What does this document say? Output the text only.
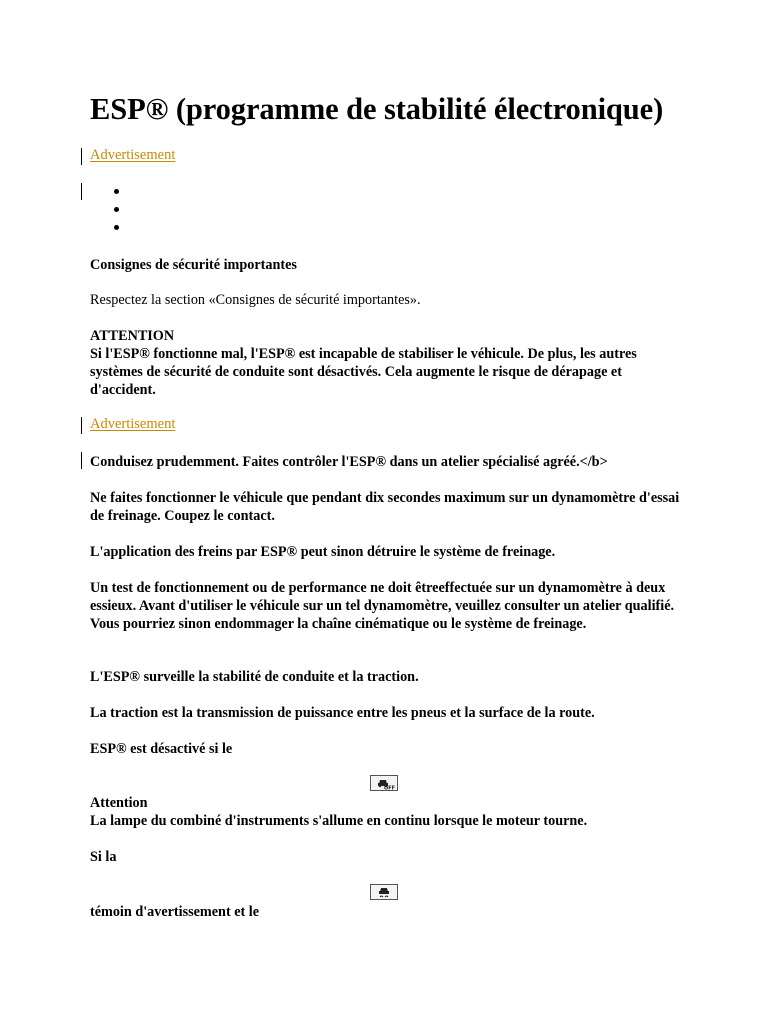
ESP® (programme de stabilité électronique)
Advertisement
Consignes de sécurité importantes
Respectez la section «Consignes de sécurité importantes».
ATTENTION
Si l'ESP® fonctionne mal, l'ESP® est incapable de stabiliser le véhicule. De plus, les autres systèmes de sécurité de conduite sont désactivés. Cela augmente le risque de dérapage et d'accident.
Advertisement
Conduisez prudemment. Faites contrôler l'ESP® dans un atelier spécialisé agréé.</b>
Ne faites fonctionner le véhicule que pendant dix secondes maximum sur un dynamomètre d'essai de freinage. Coupez le contact.
L'application des freins par ESP® peut sinon détruire le système de freinage.
Un test de fonctionnement ou de performance ne doit êtreeffectuée sur un dynamomètre à deux essieux. Avant d'utiliser le véhicule sur un tel dynamomètre, veuillez consulter un atelier qualifié. Vous pourriez sinon endommager la chaîne cinématique ou le système de freinage.
L'ESP® surveille la stabilité de conduite et la traction.
La traction est la transmission de puissance entre les pneus et la surface de la route.
ESP® est désactivé si le
OFF
Attention
La lampe du combiné d'instruments s'allume en continu lorsque le moteur tourne.
Si la
témoin d'avertissement et le
